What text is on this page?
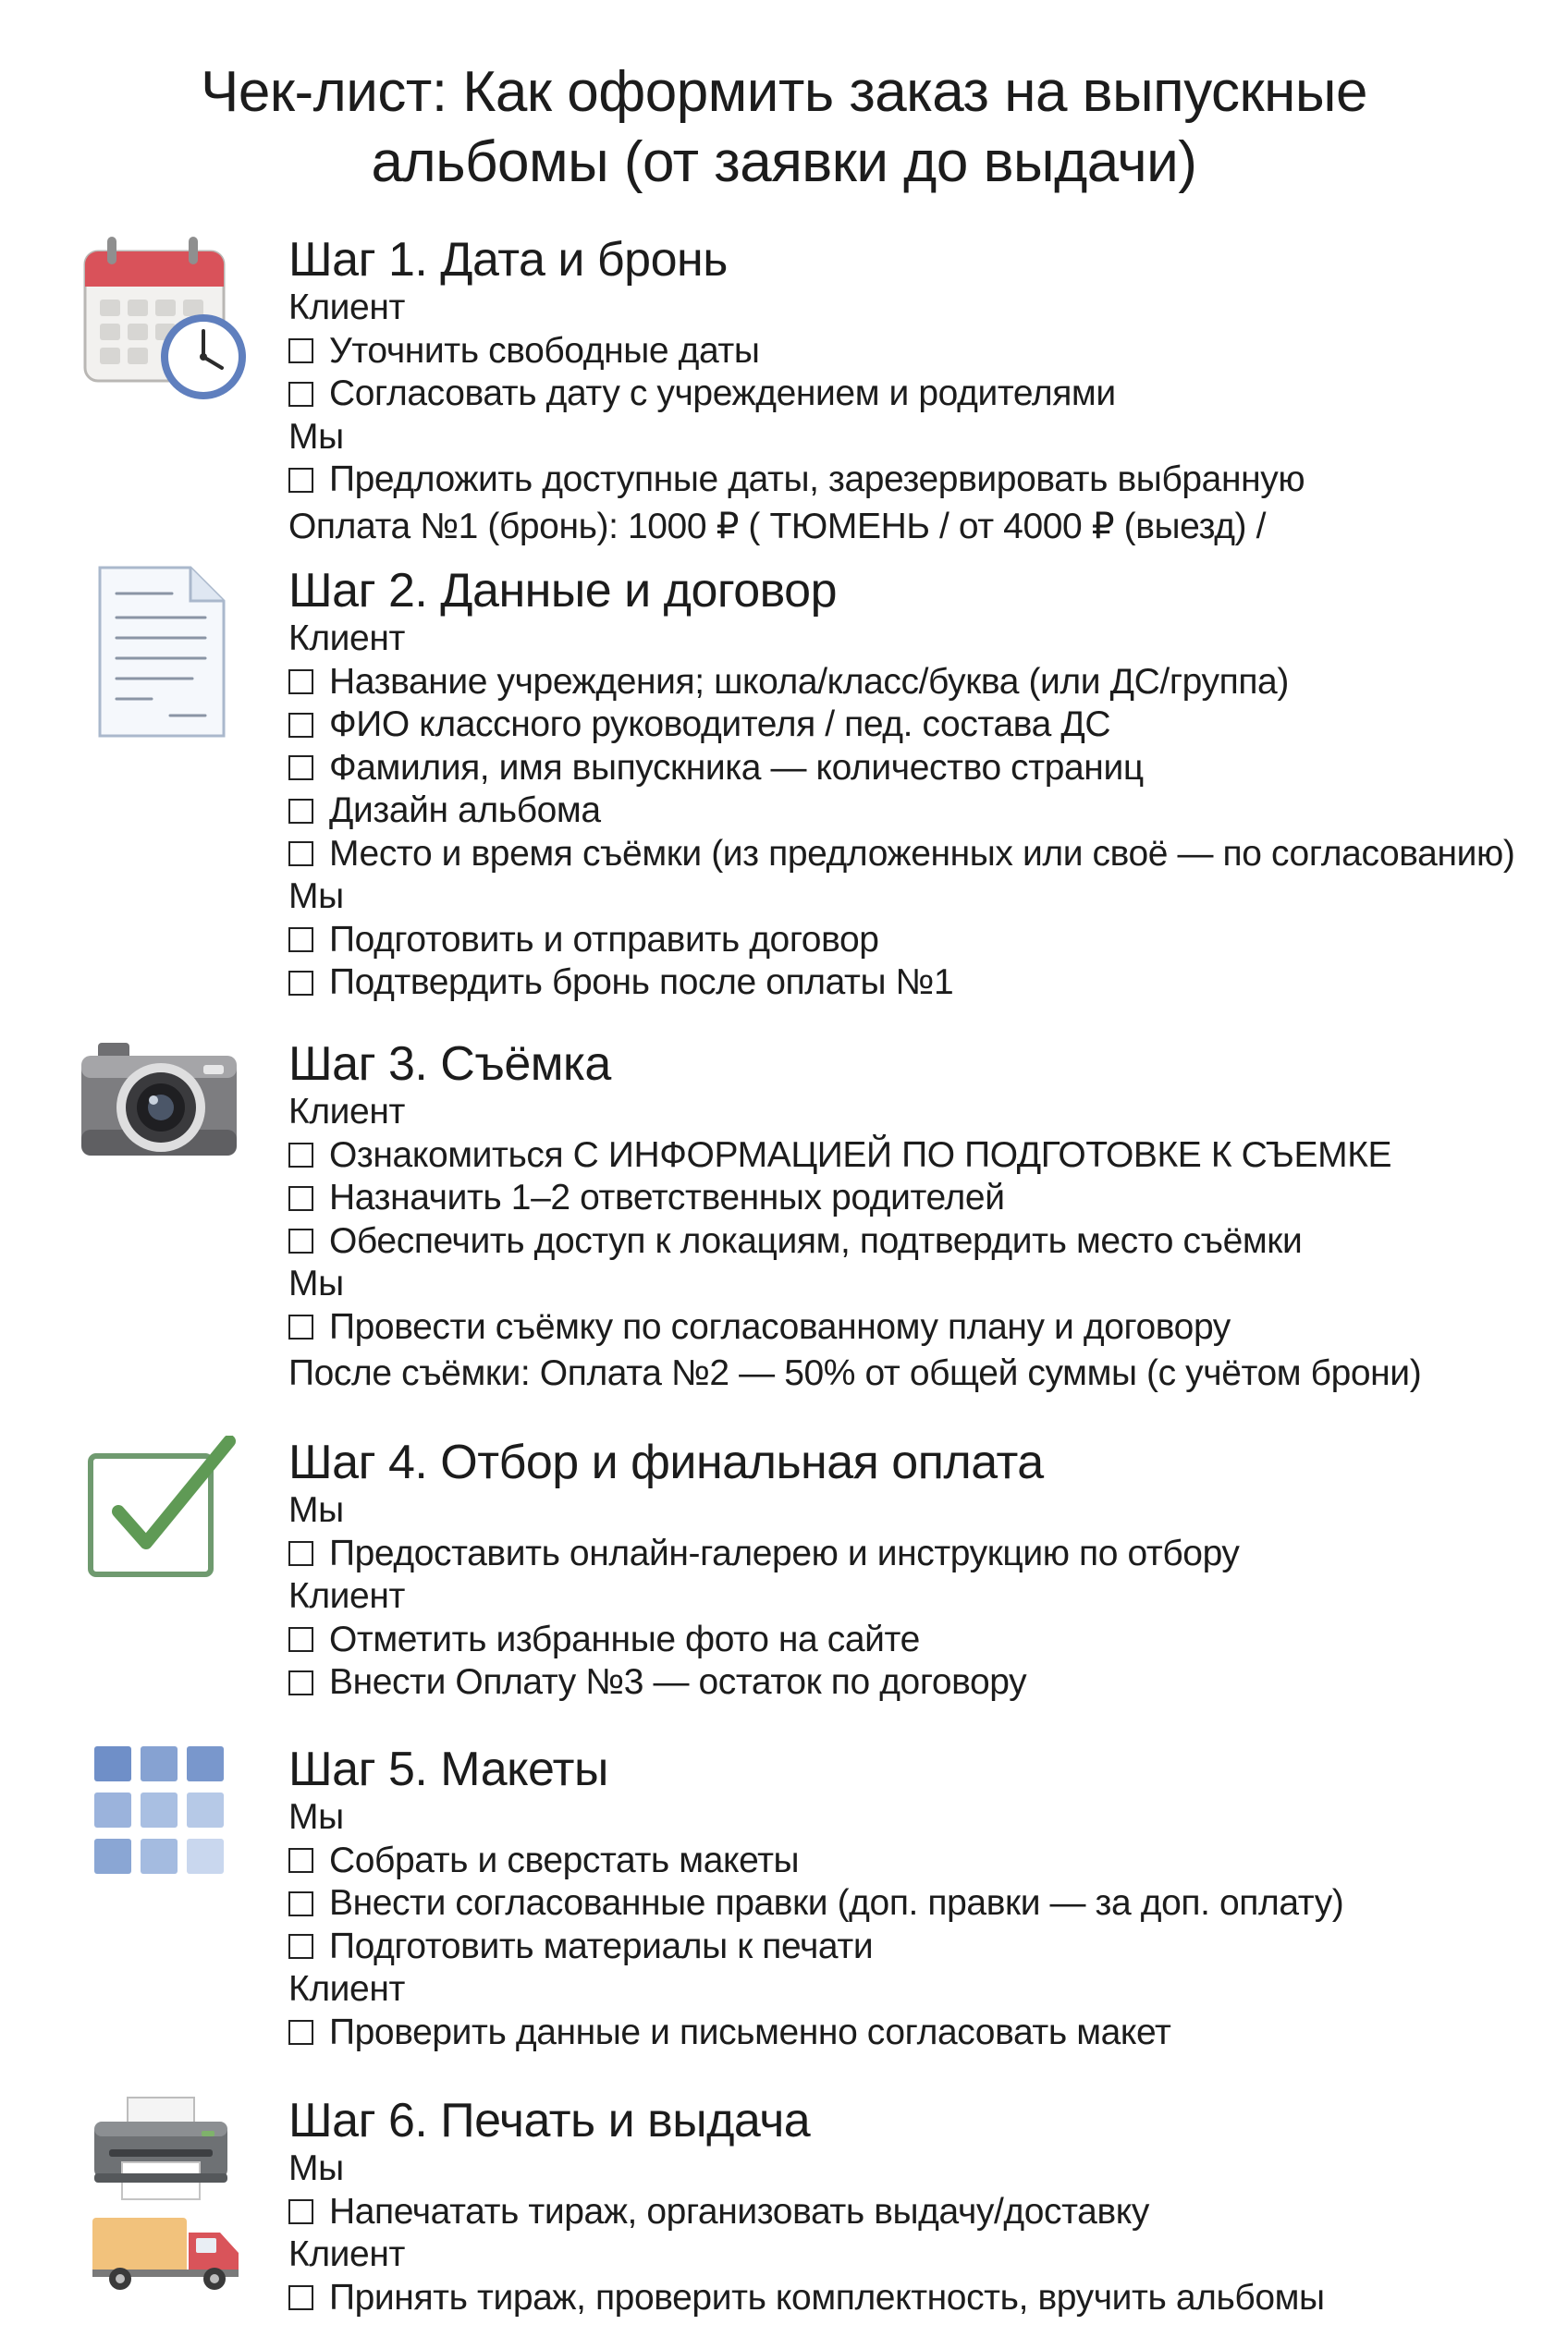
Чек-лист: Как оформить заказ на выпускные
альбомы (от заявки до выдачи)
Шаг 1. Дата и бронь
Клиент
Уточнить свободные даты
Согласовать дату с учреждением и родителями
Мы
Предложить доступные даты, зарезервировать выбранную
Оплата №1 (бронь): 1000 ₽ ( ТЮМЕНЬ / от 4000 ₽ (выезд) /
Шаг 2. Данные и договор
Клиент
Название учреждения; школа/класс/буква (или ДС/группа)
ФИО классного руководителя / пед. состава ДС
Фамилия, имя выпускника — количество страниц
Дизайн альбома
Место и время съёмки (из предложенных или своё — по согласованию)
Мы
Подготовить и отправить договор
Подтвердить бронь после оплаты №1
Шаг 3. Съёмка
Клиент
Ознакомиться С ИНФОРМАЦИЕЙ ПО ПОДГОТОВКЕ К СЪЕМКЕ
Назначить 1–2 ответственных родителей
Обеспечить доступ к локациям, подтвердить место съёмки
Мы
Провести съёмку по согласованному плану и договору
После съёмки: Оплата №2 — 50% от общей суммы (с учётом брони)
Шаг 4. Отбор и финальная оплата
Мы
Предоставить онлайн-галерею и инструкцию по отбору
Клиент
Отметить избранные фото на сайте
Внести Оплату №3 — остаток по договору
Шаг 5. Макеты
Мы
Собрать и сверстать макеты
Внести согласованные правки (доп. правки — за доп. оплату)
Подготовить материалы к печати
Клиент
Проверить данные и письменно согласовать макет
Шаг 6. Печать и выдача
Мы
Напечатать тираж, организовать выдачу/доставку
Клиент
Принять тираж, проверить комплектность, вручить альбомы
